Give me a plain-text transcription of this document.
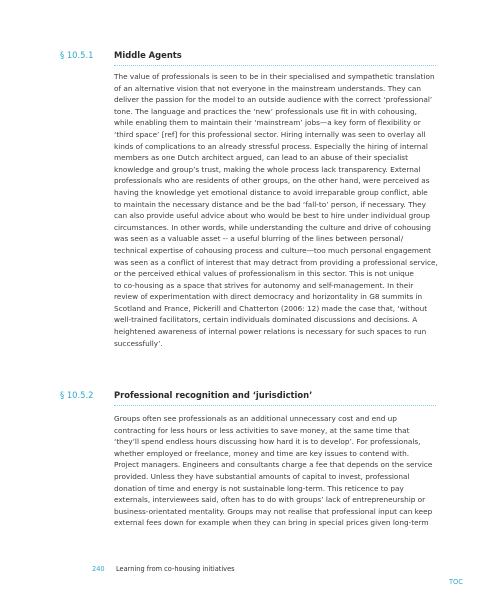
§ 10.5.1	Middle Agents
The value of professionals is seen to be in their specialised and sympathetic translation
of an alternative vision that not everyone in the mainstream understands. They can
deliver the passion for the model to an outside audience with the correct ‘professional’
tone. The language and practices the ‘new’ professionals use fit in with cohousing,
while enabling them to maintain their ‘mainstream’ jobs—a key form of flexibility or
‘third space’ [ref] for this professional sector. Hiring internally was seen to overlay all
kinds of complications to an already stressful process. Especially the hiring of internal
members as one Dutch architect argued, can lead to an abuse of their specialist
knowledge and group’s trust, making the whole process lack transparency. External
professionals who are residents of other groups, on the other hand, were perceived as
having the knowledge yet emotional distance to avoid irreparable group conflict, able
to maintain the necessary distance and be the bad ‘fall-to’ person, if necessary. They
can also provide useful advice about who would be best to hire under individual group
circumstances. In other words, while understanding the culture and drive of cohousing
was seen as a valuable asset -- a useful blurring of the lines between personal/
technical expertise of cohousing process and culture—too much personal engagement
was seen as a conflict of interest that may detract from providing a professional service,
or the perceived ethical values of professionalism in this sector. This is not unique
to co-housing as a space that strives for autonomy and self-management. In their
review of experimentation with direct democracy and horizontality in G8 summits in
Scotland and France, Pickerill and Chatterton (2006: 12) made the case that, ‘without
well-trained facilitators, certain individuals dominated discussions and decisions. A
heightened awareness of internal power relations is necessary for such spaces to run
successfully’.
§ 10.5.2	Professional recognition and ‘jurisdiction’
Groups often see professionals as an additional unnecessary cost and end up
contracting for less hours or less activities to save money, at the same time that
‘they’ll spend endless hours discussing how hard it is to develop’. For professionals,
whether employed or freelance, money and time are key issues to contend with.
Project managers. Engineers and consultants charge a fee that depends on the service
provided. Unless they have substantial amounts of capital to invest, professional
donation of time and energy is not sustainable long-term. This reticence to pay
externals, interviewees said, often has to do with groups’ lack of entrepreneurship or
business-orientated mentality. Groups may not realise that professional input can keep
external fees down for example when they can bring in special prices given long-term
240	Learning from co-housing initiatives
TOC
